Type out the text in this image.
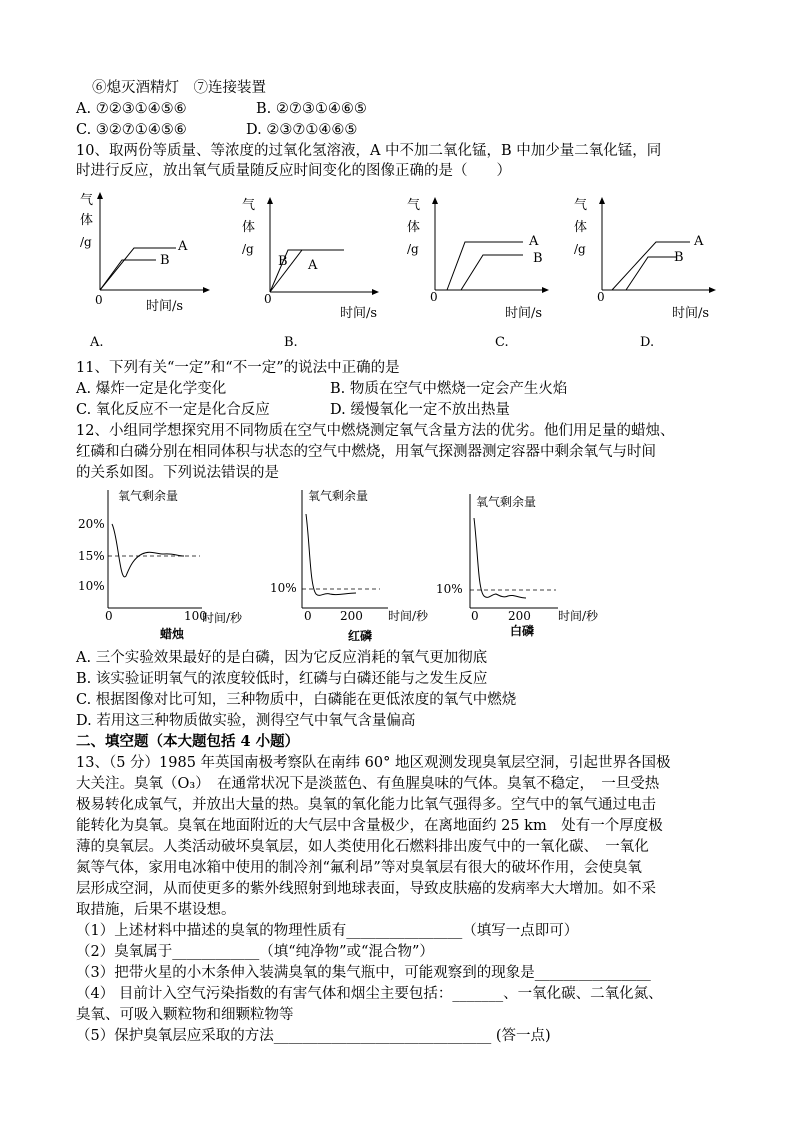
⑥熄灭酒精灯　⑦连接装置
A. ⑦②③①④⑤⑥	B. ②⑦③①④⑥⑤
C. ③②⑦①④⑤⑥	D. ②③⑦①④⑥⑤
10、取两份等质量、等浓度的过氧化氢溶液，A 中不加二氧化锰，B 中加少量二氧化锰，同
时进行反应，放出氧气质量随反应时间变化的图像正确的是（　　）
气
体
/g	A
B
0	时间/s
A.
气
体
/g
B A
0
时间/s
B.
气
体
/g	A
B
0
时间/s
C.
气
体
/g	A
B
0
时间/s
D.
11、下列有关“一定”和“不一定”的说法中正确的是
A. 爆炸一定是化学变化	B. 物质在空气中燃烧一定会产生火焰
C. 氧化反应不一定是化合反应	D. 缓慢氧化一定不放出热量
12、小组同学想探究用不同物质在空气中燃烧测定氧气含量方法的优劣。他们用足量的蜡烛、
红磷和白磷分别在相同体积与状态的空气中燃烧，用氧气探测器测定容器中剩余氧气与时间
的关系如图。下列说法错误的是
氧气剩余量
20%
15%
10%
0	100
时间/秒
蜡烛
氧气剩余量
10%
0 200 时间/秒
红磷
氧气剩余量
10%
0 200 时间/秒
白磷
A. 三个实验效果最好的是白磷，因为它反应消耗的氧气更加彻底
B. 该实验证明氧气的浓度较低时，红磷与白磷还能与之发生反应
C. 根据图像对比可知，三种物质中，白磷能在更低浓度的氧气中燃烧
D. 若用这三种物质做实验，测得空气中氧气含量偏高
二、填空题（本大题包括 4 小题）
13、（5 分）1985 年英国南极考察队在南纬 60° 地区观测发现臭氧层空洞，引起世界各国极
大关注。臭氧（O₃）　在通常状况下是淡蓝色、有鱼腥臭味的气体。臭氧不稳定，　一旦受热
极易转化成氧气，并放出大量的热。臭氧的氧化能力比氧气强得多。空气中的氧气通过电击
能转化为臭氧。臭氧在地面附近的大气层中含量极少，在离地面约 25 km　处有一个厚度极
薄的臭氧层。人类活动破坏臭氧层，如人类使用化石燃料排出废气中的一氧化碳、　一氧化
氮等气体，家用电冰箱中使用的制冷剂“氟利昂”等对臭氧层有很大的破坏作用，会使臭氧
层形成空洞，从而使更多的紫外线照射到地球表面，导致皮肤癌的发病率大大增加。如不采
取措施，后果不堪设想。
（1）上述材料中描述的臭氧的物理性质有________________（填写一点即可）
（2）臭氧属于____________（填“纯净物”或“混合物”）
（3）把带火星的小木条伸入装满臭氧的集气瓶中，可能观察到的现象是________________
（4） 目前计入空气污染指数的有害气体和烟尘主要包括：_______、一氧化碳、二氧化氮、
臭氧、可吸入颗粒物和细颗粒物等
（5）保护臭氧层应采取的方法______________________________ (答一点)
